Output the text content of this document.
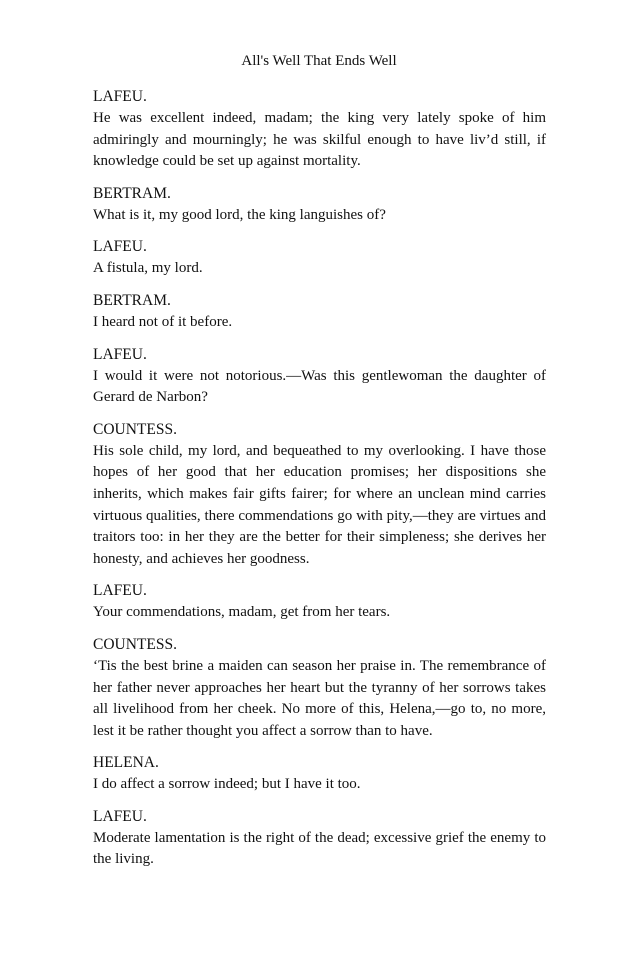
All's Well That Ends Well
LAFEU.

He was excellent indeed, madam; the king very lately spoke of him admiringly and mourningly; he was skilful enough to have liv’d still, if knowledge could be set up against mortality.

BERTRAM.

What is it, my good lord, the king languishes of?

LAFEU.

A fistula, my lord.

BERTRAM.

I heard not of it before.

LAFEU.

I would it were not notorious.—Was this gentlewoman the daughter of Gerard de Narbon?

COUNTESS.

His sole child, my lord, and bequeathed to my overlooking. I have those hopes of her good that her education promises; her dispositions she inherits, which makes fair gifts fairer; for where an unclean mind carries virtuous qualities, there commendations go with pity,—they are virtues and traitors too: in her they are the better for their simpleness; she derives her honesty, and achieves her goodness.

LAFEU.

Your commendations, madam, get from her tears.

COUNTESS.

‘Tis the best brine a maiden can season her praise in. The remembrance of her father never approaches her heart but the tyranny of her sorrows takes all livelihood from her cheek. No more of this, Helena,—go to, no more, lest it be rather thought you affect a sorrow than to have.

HELENA.

I do affect a sorrow indeed; but I have it too.

LAFEU.

Moderate lamentation is the right of the dead; excessive grief the enemy to the living.
